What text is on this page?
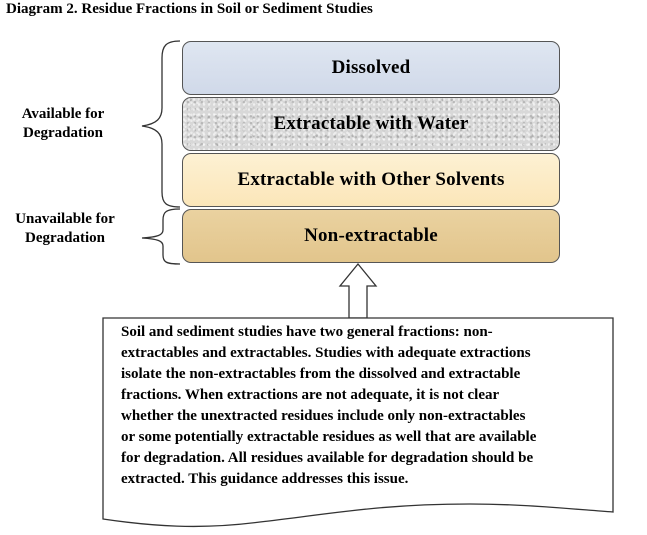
Diagram 2. Residue Fractions in Soil or Sediment Studies
Dissolved
Extractable with Water
Extractable with Other Solvents
Non-extractable
Available for
Degradation
Unavailable for
Degradation
Soil and sediment studies have two general fractions: non-
extractables and extractables. Studies with adequate extractions
isolate the non-extractables from the dissolved and extractable
fractions. When extractions are not adequate, it is not clear
whether the unextracted residues include only non-extractables
or some potentially extractable residues as well that are available
for degradation. All residues available for degradation should be
extracted. This guidance addresses this issue.
